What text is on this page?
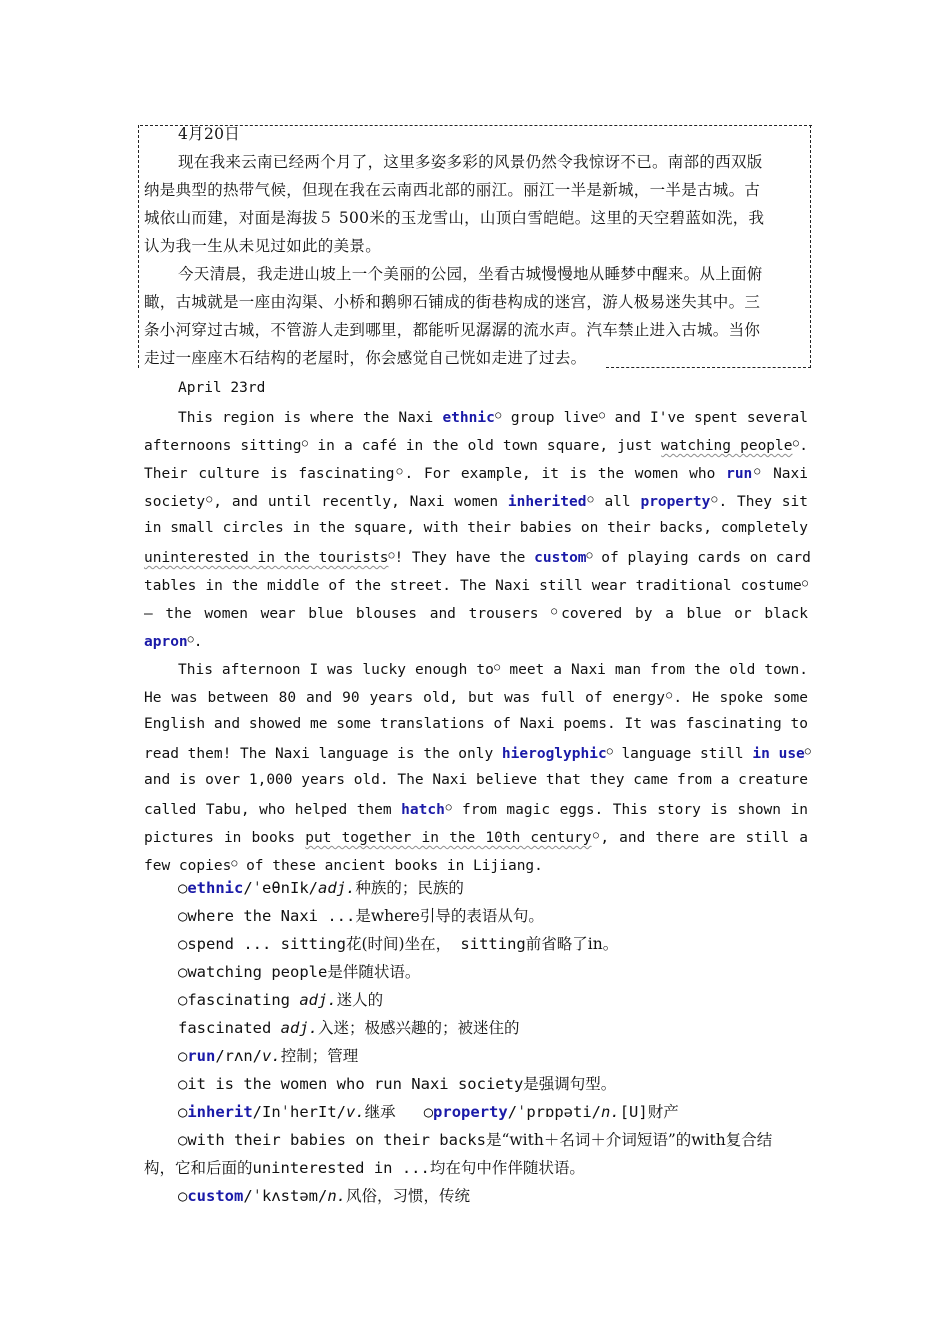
4月20日
现在我来云南已经两个月了，这里多姿多彩的风景仍然令我惊讶不已。南部的西双版
纳是典型的热带气候，但现在我在云南西北部的丽江。丽江一半是新城，一半是古城。古
城依山而建，对面是海拔５ 500米的玉龙雪山，山顶白雪皑皑。这里的天空碧蓝如洗，我
认为我一生从未见过如此的美景。
今天清晨，我走进山坡上一个美丽的公园，坐看古城慢慢地从睡梦中醒来。从上面俯
瞰，古城就是一座由沟渠、小桥和鹅卵石铺成的街巷构成的迷宫，游人极易迷失其中。三
条小河穿过古城，不管游人走到哪里，都能听见潺潺的流水声。汽车禁止进入古城。当你
走过一座座木石结构的老屋时，你会感觉自己恍如走进了过去。
April 23rd
This region is where the Naxi ethnic○ group live○ and I've spent several
afternoons sitting○ in a café in the old town square, just watching people○.
Their culture is fascinating○. For example, it is the women who run○ Naxi
society○, and until recently, Naxi women inherited○ all property○. They sit
in small circles in the square, with their babies on their backs, completely
uninterested in the tourists○! They have the custom○ of playing cards on card
tables in the middle of the street. The Naxi still wear traditional costume○
— the women wear blue blouses and trousers ○covered by a blue or black
apron○.
This afternoon I was lucky enough to○ meet a Naxi man from the old town.
He was between 80 and 90 years old, but was full of energy○. He spoke some
English and showed me some translations of Naxi poems. It was fascinating to
read them! The Naxi language is the only hieroglyphic○ language still in use○
and is over 1,000 years old. The Naxi believe that they came from a creature
called Tabu, who helped them hatch○ from magic eggs. This story is shown in
pictures in books put together in the 10th century○, and there are still a
few copies○ of these ancient books in Lijiang.
○ethnic/ˈeθnIk/adj.种族的；民族的
○where the Naxi ...是where引导的表语从句。
○spend ... sitting花(时间)坐在， sitting前省略了in。
○watching people是伴随状语。
○fascinating adj.迷人的
fascinated adj.入迷；极感兴趣的；被迷住的
○run/rʌn/v.控制；管理
○it is the women who run Naxi society是强调句型。
○inherit/InˈherIt/v.继承 ○property/ˈprɒpəti/n.[U]财产
○with their babies on their backs是“with＋名词＋介词短语”的with复合结
构，它和后面的uninterested in ...均在句中作伴随状语。
○custom/ˈkʌstəm/n.风俗，习惯，传统
